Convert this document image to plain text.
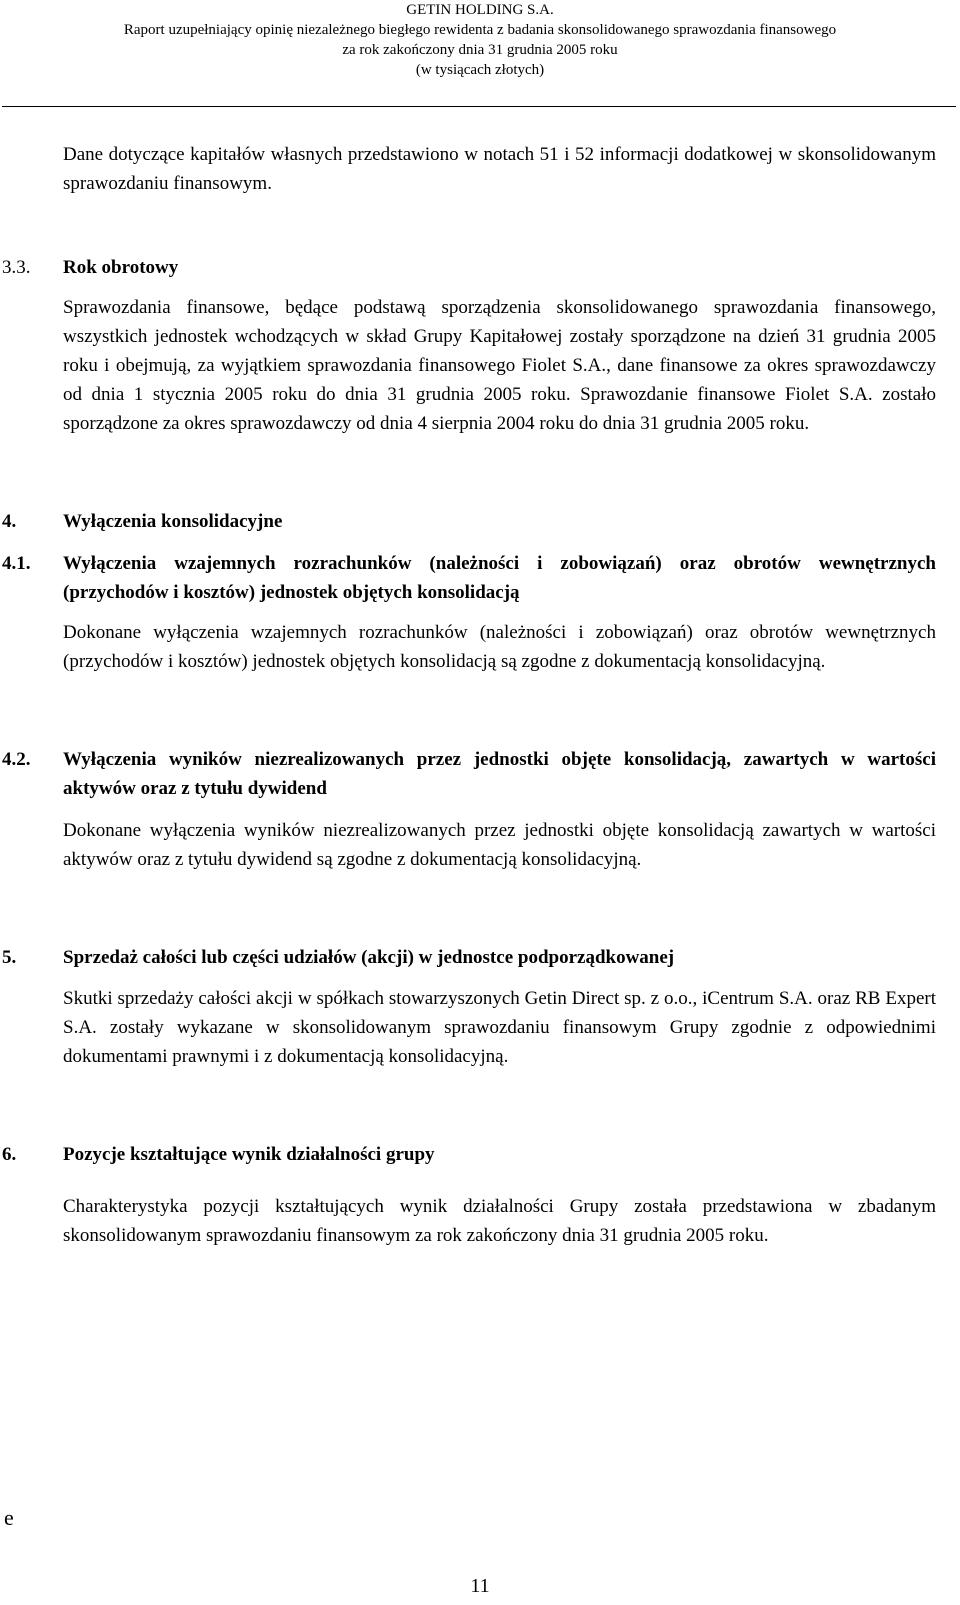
GETIN HOLDING S.A.
Raport uzupełniający opinię niezależnego biegłego rewidenta z badania skonsolidowanego sprawozdania finansowego
za rok zakończony dnia 31 grudnia 2005 roku
(w tysiącach złotych)

Dane dotyczące kapitałów własnych przedstawiono w notach 51 i 52 informacji dodatkowej w skonsolidowanym sprawozdaniu finansowym.

3.3. Rok obrotowy

Sprawozdania finansowe, będące podstawą sporządzenia skonsolidowanego sprawozdania finansowego, wszystkich jednostek wchodzących w skład Grupy Kapitałowej zostały sporządzone na dzień 31 grudnia 2005 roku i obejmują, za wyjątkiem sprawozdania finansowego Fiolet S.A., dane finansowe za okres sprawozdawczy od dnia 1 stycznia 2005 roku do dnia 31 grudnia 2005 roku. Sprawozdanie finansowe Fiolet S.A. zostało sporządzone za okres sprawozdawczy od dnia 4 sierpnia 2004 roku do dnia 31 grudnia 2005 roku.

4. Wyłączenia konsolidacyjne
4.1. Wyłączenia wzajemnych rozrachunków (należności i zobowiązań) oraz obrotów wewnętrznych (przychodów i kosztów) jednostek objętych konsolidacją

Dokonane wyłączenia wzajemnych rozrachunków (należności i zobowiązań) oraz obrotów wewnętrznych (przychodów i kosztów) jednostek objętych konsolidacją są zgodne z dokumentacją konsolidacyjną.

4.2. Wyłączenia wyników niezrealizowanych przez jednostki objęte konsolidacją, zawartych w wartości aktywów oraz z tytułu dywidend

Dokonane wyłączenia wyników niezrealizowanych przez jednostki objęte konsolidacją zawartych w wartości aktywów oraz z tytułu dywidend są zgodne z dokumentacją konsolidacyjną.

5. Sprzedaż całości lub części udziałów (akcji) w jednostce podporządkowanej

Skutki sprzedaży całości akcji w spółkach stowarzyszonych Getin Direct sp. z o.o., iCentrum S.A. oraz RB Expert S.A. zostały wykazane w skonsolidowanym sprawozdaniu finansowym Grupy zgodnie z odpowiednimi dokumentami prawnymi i z dokumentacją konsolidacyjną.

6. Pozycje kształtujące wynik działalności grupy

Charakterystyka pozycji kształtujących wynik działalności Grupy została przedstawiona w zbadanym skonsolidowanym sprawozdaniu finansowym za rok zakończony dnia 31 grudnia 2005 roku.

e
11
